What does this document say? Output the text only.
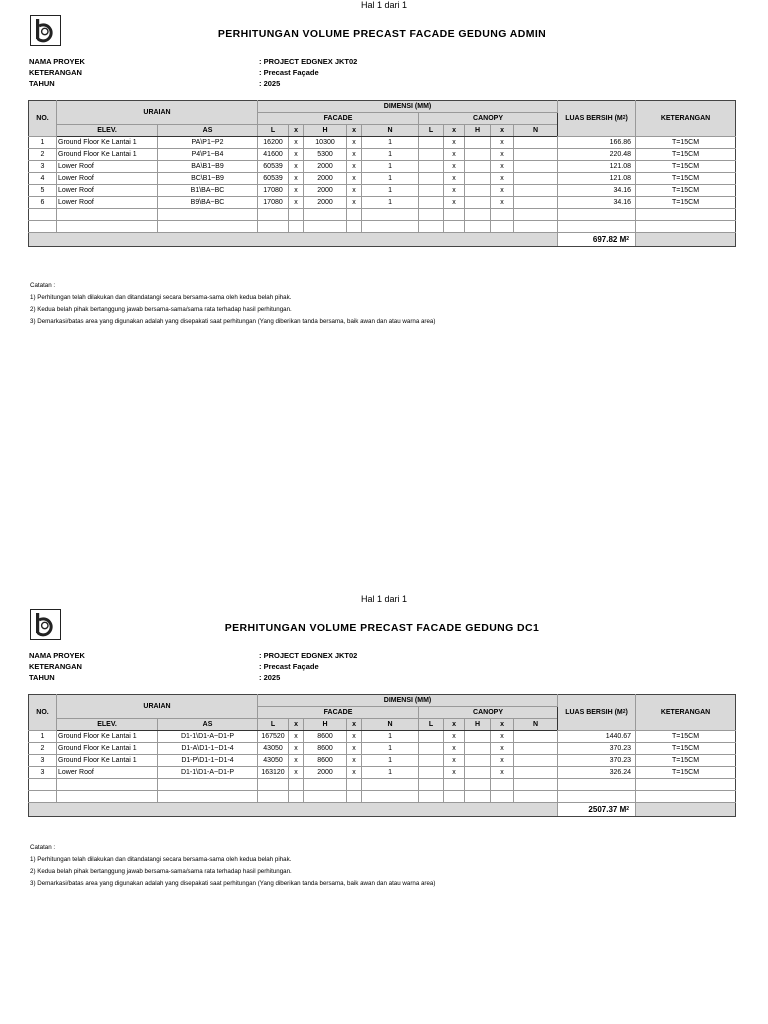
Hal 1 dari 1
PERHITUNGAN VOLUME PRECAST FACADE GEDUNG ADMIN
NAMA PROYEK	: PROJECT EDGNEX JKT02
KETERANGAN	: Precast Façade
TAHUN	: 2025
NO.	URAIAN		DIMENSI (MM)										LUAS BERSIH $(M^2)$	KETERANGAN
			FACADE					CANOPY						
	ELEV.	AS	L	x	H	x	N	L	x	H	x	N		
1	Ground Floor Ke Lantai 1	PA\P1~P2	16200	x	10300	x	1		x		x		166.86	T=15CM
2	Ground Floor Ke Lantai 1	P4\P1~B4	41600	x	5300	x	1		x		x		220.48	T=15CM
3	Lower Roof	BA\B1~B9	60539	x	2000	x	1		x		x		121.08	T=15CM
4	Lower Roof	BC\B1~B9	60539	x	2000	x	1		x		x		121.08	T=15CM
5	Lower Roof	B1\BA~BC	17080	x	2000	x	1		x		x		34.16	T=15CM
6	Lower Roof	B9\BA~BC	17080	x	2000	x	1		x		x		34.16	T=15CM

													697.82 $M^2$	
Catatan :
1) Perhitungan telah dilakukan dan ditandatangi secara bersama-sama oleh kedua belah pihak.
2) Kedua belah pihak bertanggung jawab bersama-sama/sama rata terhadap hasil perhitungan.
3) Demarkasi/batas area yang digunakan adalah yang disepakati saat perhitungan (Yang diberikan tanda bersama, baik awan dan atau warna area)
Hal 1 dari 1
PERHITUNGAN VOLUME PRECAST FACADE GEDUNG DC1
NAMA PROYEK	: PROJECT EDGNEX JKT02
KETERANGAN	: Precast Façade
TAHUN	: 2025
NO.	URAIAN		DIMENSI (MM)										LUAS BERSIH $(M^2)$	KETERANGAN
			FACADE					CANOPY						
	ELEV.	AS	L	x	H	x	N	L	x	H	x	N		
1	Ground Floor Ke Lantai 1	D1-1\D1-A~D1-P	167520	x	8600	x	1		x		x		1440.67	T=15CM
2	Ground Floor Ke Lantai 1	D1-A\D1-1~D1-4	43050	x	8600	x	1		x		x		370.23	T=15CM
3	Ground Floor Ke Lantai 1	D1-P\D1-1~D1-4	43050	x	8600	x	1		x		x		370.23	T=15CM
3	Lower Roof	D1-1\D1-A~D1-P	163120	x	2000	x	1		x		x		326.24	T=15CM

													2507.37 $M^2$	
Catatan :
1) Perhitungan telah dilakukan dan ditandatangi secara bersama-sama oleh kedua belah pihak.
2) Kedua belah pihak bertanggung jawab bersama-sama/sama rata terhadap hasil perhitungan.
3) Demarkasi/batas area yang digunakan adalah yang disepakati saat perhitungan (Yang diberikan tanda bersama, baik awan dan atau warna area)
